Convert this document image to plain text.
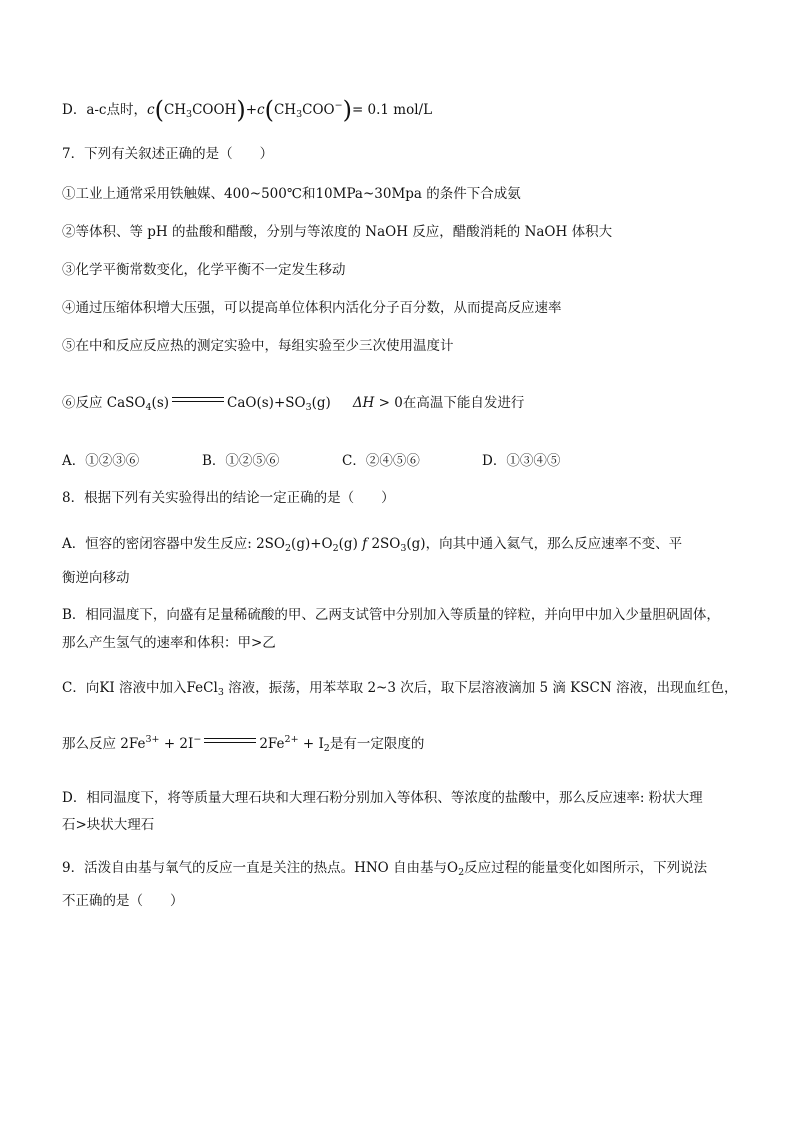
D．a-c点时，$c(CH_3COOH)+c(CH_3COO^-)= 0.1$ mol/L
7．下列有关叙述正确的是（　　）
①工业上通常采用铁触媒、400~500℃和10MPa~30Mpa 的条件下合成氨
②等体积、等 pH 的盐酸和醋酸，分别与等浓度的 NaOH 反应，醋酸消耗的 NaOH 体积大
③化学平衡常数变化，化学平衡不一定发生移动
④通过压缩体积增大压强，可以提高单位体积内活化分子百分数，从而提高反应速率
⑤在中和反应反应热的测定实验中，每组实验至少三次使用温度计
⑥反应 CaSO$_4$(s)	$CaO(s)+SO_3(g) \Delta H > 0$在高温下能自发进行
A．①②③⑥	B．①②⑤⑥	C．②④⑤⑥	D．①③④⑤
8．根据下列有关实验得出的结论一定正确的是（　　）
A．恒容的密闭容器中发生反应: $2SO_2(g)+O_2(g)$ f $2SO_3(g)$，向其中通入氦气，那么反应速率不变、平
衡逆向移动
B．相同温度下，向盛有足量稀硫酸的甲、乙两支试管中分别加入等质量的锌粒，并向甲中加入少量胆矾固体，
那么产生氢气的速率和体积：甲>乙
C．向KI 溶液中加入FeCl$_3$ 溶液，振荡，用苯萃取 2~3 次后，取下层溶液滴加 5 滴 KSCN 溶液，出现血红色，
那么反应 $2Fe^{3+} + 2I^-$	$2Fe^{2+} + I_2$是有一定限度的
D．相同温度下，将等质量大理石块和大理石粉分别加入等体积、等浓度的盐酸中，那么反应速率: 粉状大理
石>块状大理石
9．活泼自由基与氧气的反应一直是关注的热点。HNO 自由基与$O_2$反应过程的能量变化如图所示，下列说法
不正确的是（　　）
